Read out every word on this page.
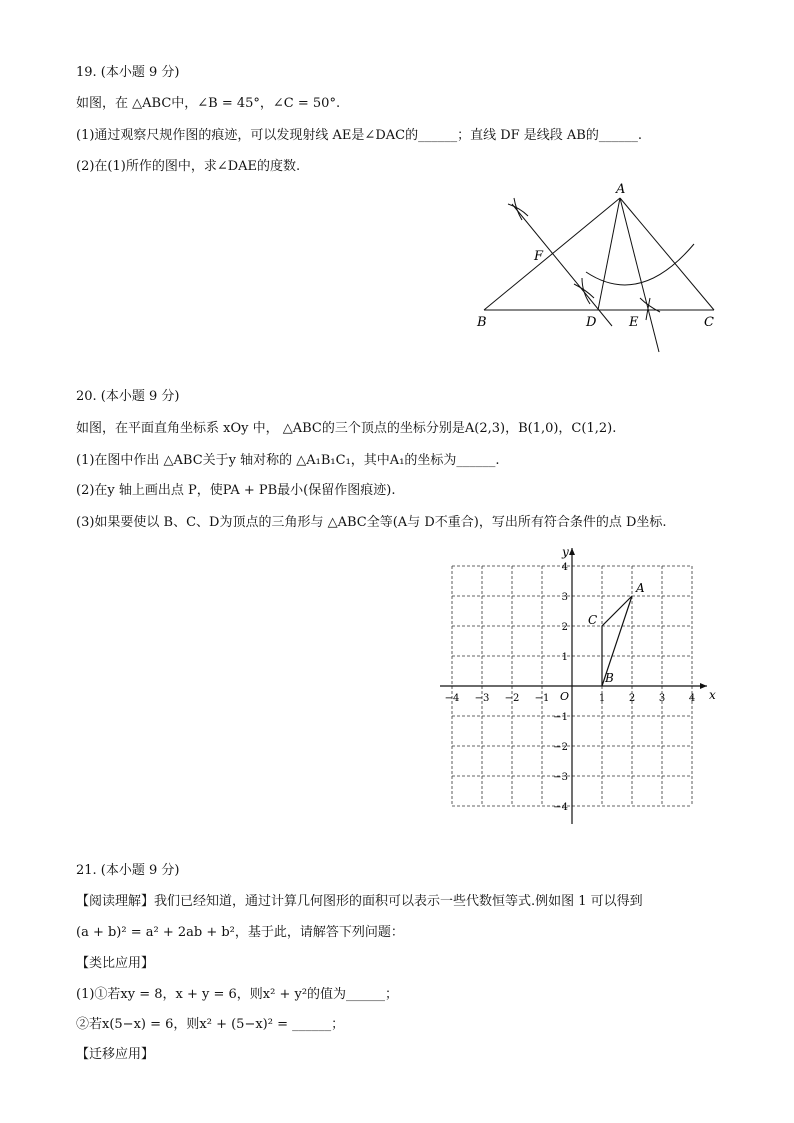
19. (本小题 9 分)
如图，在 △ABC中，∠B = 45°，∠C = 50°.
(1)通过观察尺规作图的痕迹，可以发现射线 AE是∠DAC的______；直线 DF 是线段 AB的______.
(2)在(1)所作的图中，求∠DAE的度数.
A
B	C
D	E
F
20. (本小题 9 分)
如图，在平面直角坐标系 xOy 中， △ABC的三个顶点的坐标分别是A(2,3)，B(1,0)，C(1,2).
(1)在图中作出 △ABC关于y 轴对称的 △A₁B₁C₁，其中A₁的坐标为______.
(2)在y 轴上画出点 P，使PA + PB最小(保留作图痕迹).
(3)如果要使以 B、C、D为顶点的三角形与 △ABC全等(A与 D不重合)，写出所有符合条件的点 D坐标.
x
y
O
−4 −3 −2 −1	1 2 3 4
4
3
2
1
−1
−2
−3
−4
A
B
C
21. (本小题 9 分)
【阅读理解】我们已经知道，通过计算几何图形的面积可以表示一些代数恒等式.例如图 1 可以得到
(a + b)² = a² + 2ab + b²，基于此，请解答下列问题：
【类比应用】
(1)①若xy = 8，x + y = 6，则x² + y²的值为______；
②若x(5−x) = 6，则x² + (5−x)² = ______；
【迁移应用】
